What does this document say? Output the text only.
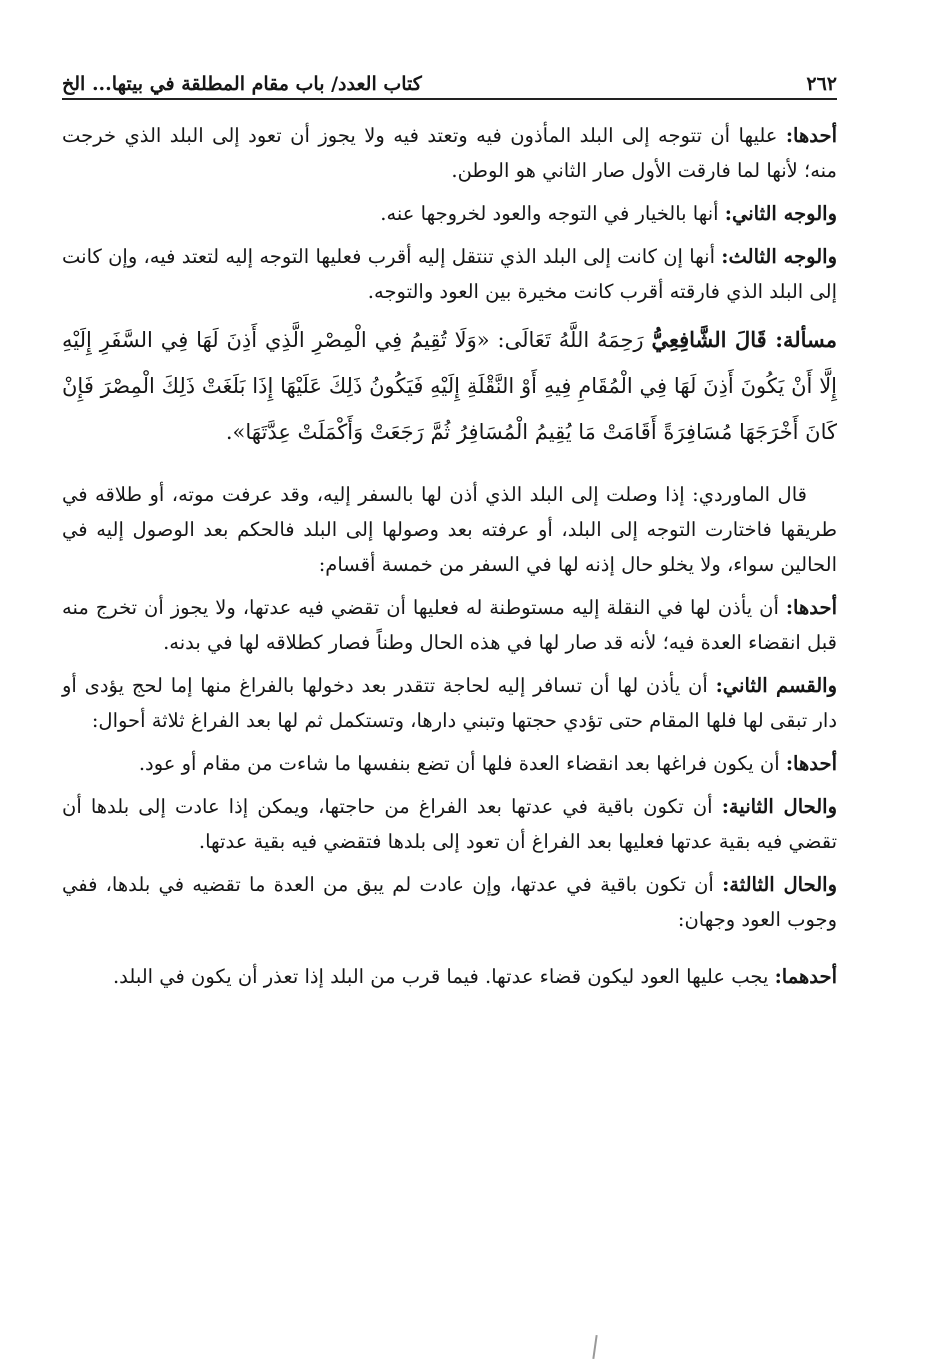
٢٦٢
كتاب العدد/ باب مقام المطلقة في بيتها... الخ

أحدها: عليها أن تتوجه إلى البلد المأذون فيه وتعتد فيه ولا يجوز أن تعود إلى البلد الذي خرجت منه؛ لأنها لما فارقت الأول صار الثاني هو الوطن.

والوجه الثاني: أنها بالخيار في التوجه والعود لخروجها عنه.

والوجه الثالث: أنها إن كانت إلى البلد الذي تنتقل إليه أقرب فعليها التوجه إليه لتعتد فيه، وإن كانت إلى البلد الذي فارقته أقرب كانت مخيرة بين العود والتوجه.

مسألة: قَالَ الشَّافِعِيُّ رَحِمَهُ اللَّهُ تَعَالَى: «وَلَا تُقِيمُ فِي الْمِصْرِ الَّذِي أَذِنَ لَهَا فِي السَّفَرِ إِلَيْهِ إِلَّا أَنْ يَكُونَ أَذِنَ لَهَا فِي الْمُقَامِ فِيهِ أَوْ النَّقْلَةِ إِلَيْهِ فَيَكُونُ ذَلِكَ عَلَيْهَا إِذَا بَلَغَتْ ذَلِكَ الْمِصْرَ فَإِنْ كَانَ أَخْرَجَهَا مُسَافِرَةً أَقَامَتْ مَا يُقِيمُ الْمُسَافِرُ ثُمَّ رَجَعَتْ وَأَكْمَلَتْ عِدَّتَهَا».

قال الماوردي: إذا وصلت إلى البلد الذي أذن لها بالسفر إليه، وقد عرفت موته، أو طلاقه في طريقها فاختارت التوجه إلى البلد، أو عرفته بعد وصولها إلى البلد فالحكم بعد الوصول إليه في الحالين سواء، ولا يخلو حال إذنه لها في السفر من خمسة أقسام:

أحدها: أن يأذن لها في النقلة إليه مستوطنة له فعليها أن تقضي فيه عدتها، ولا يجوز أن تخرج منه قبل انقضاء العدة فيه؛ لأنه قد صار لها في هذه الحال وطناً فصار كطلاقه لها في بدنه.

والقسم الثاني: أن يأذن لها أن تسافر إليه لحاجة تتقدر بعد دخولها بالفراغ منها إما لحج يؤدى أو دار تبقى لها فلها المقام حتى تؤدي حجتها وتبني دارها، وتستكمل ثم لها بعد الفراغ ثلاثة أحوال:

أحدها: أن يكون فراغها بعد انقضاء العدة فلها أن تضع بنفسها ما شاءت من مقام أو عود.

والحال الثانية: أن تكون باقية في عدتها بعد الفراغ من حاجتها، ويمكن إذا عادت إلى بلدها أن تقضي فيه بقية عدتها فعليها بعد الفراغ أن تعود إلى بلدها فتقضي فيه بقية عدتها.

والحال الثالثة: أن تكون باقية في عدتها، وإن عادت لم يبق من العدة ما تقضيه في بلدها، ففي وجوب العود وجهان:

أحدهما: يجب عليها العود ليكون قضاء عدتها. فيما قرب من البلد إذا تعذر أن يكون في البلد.
